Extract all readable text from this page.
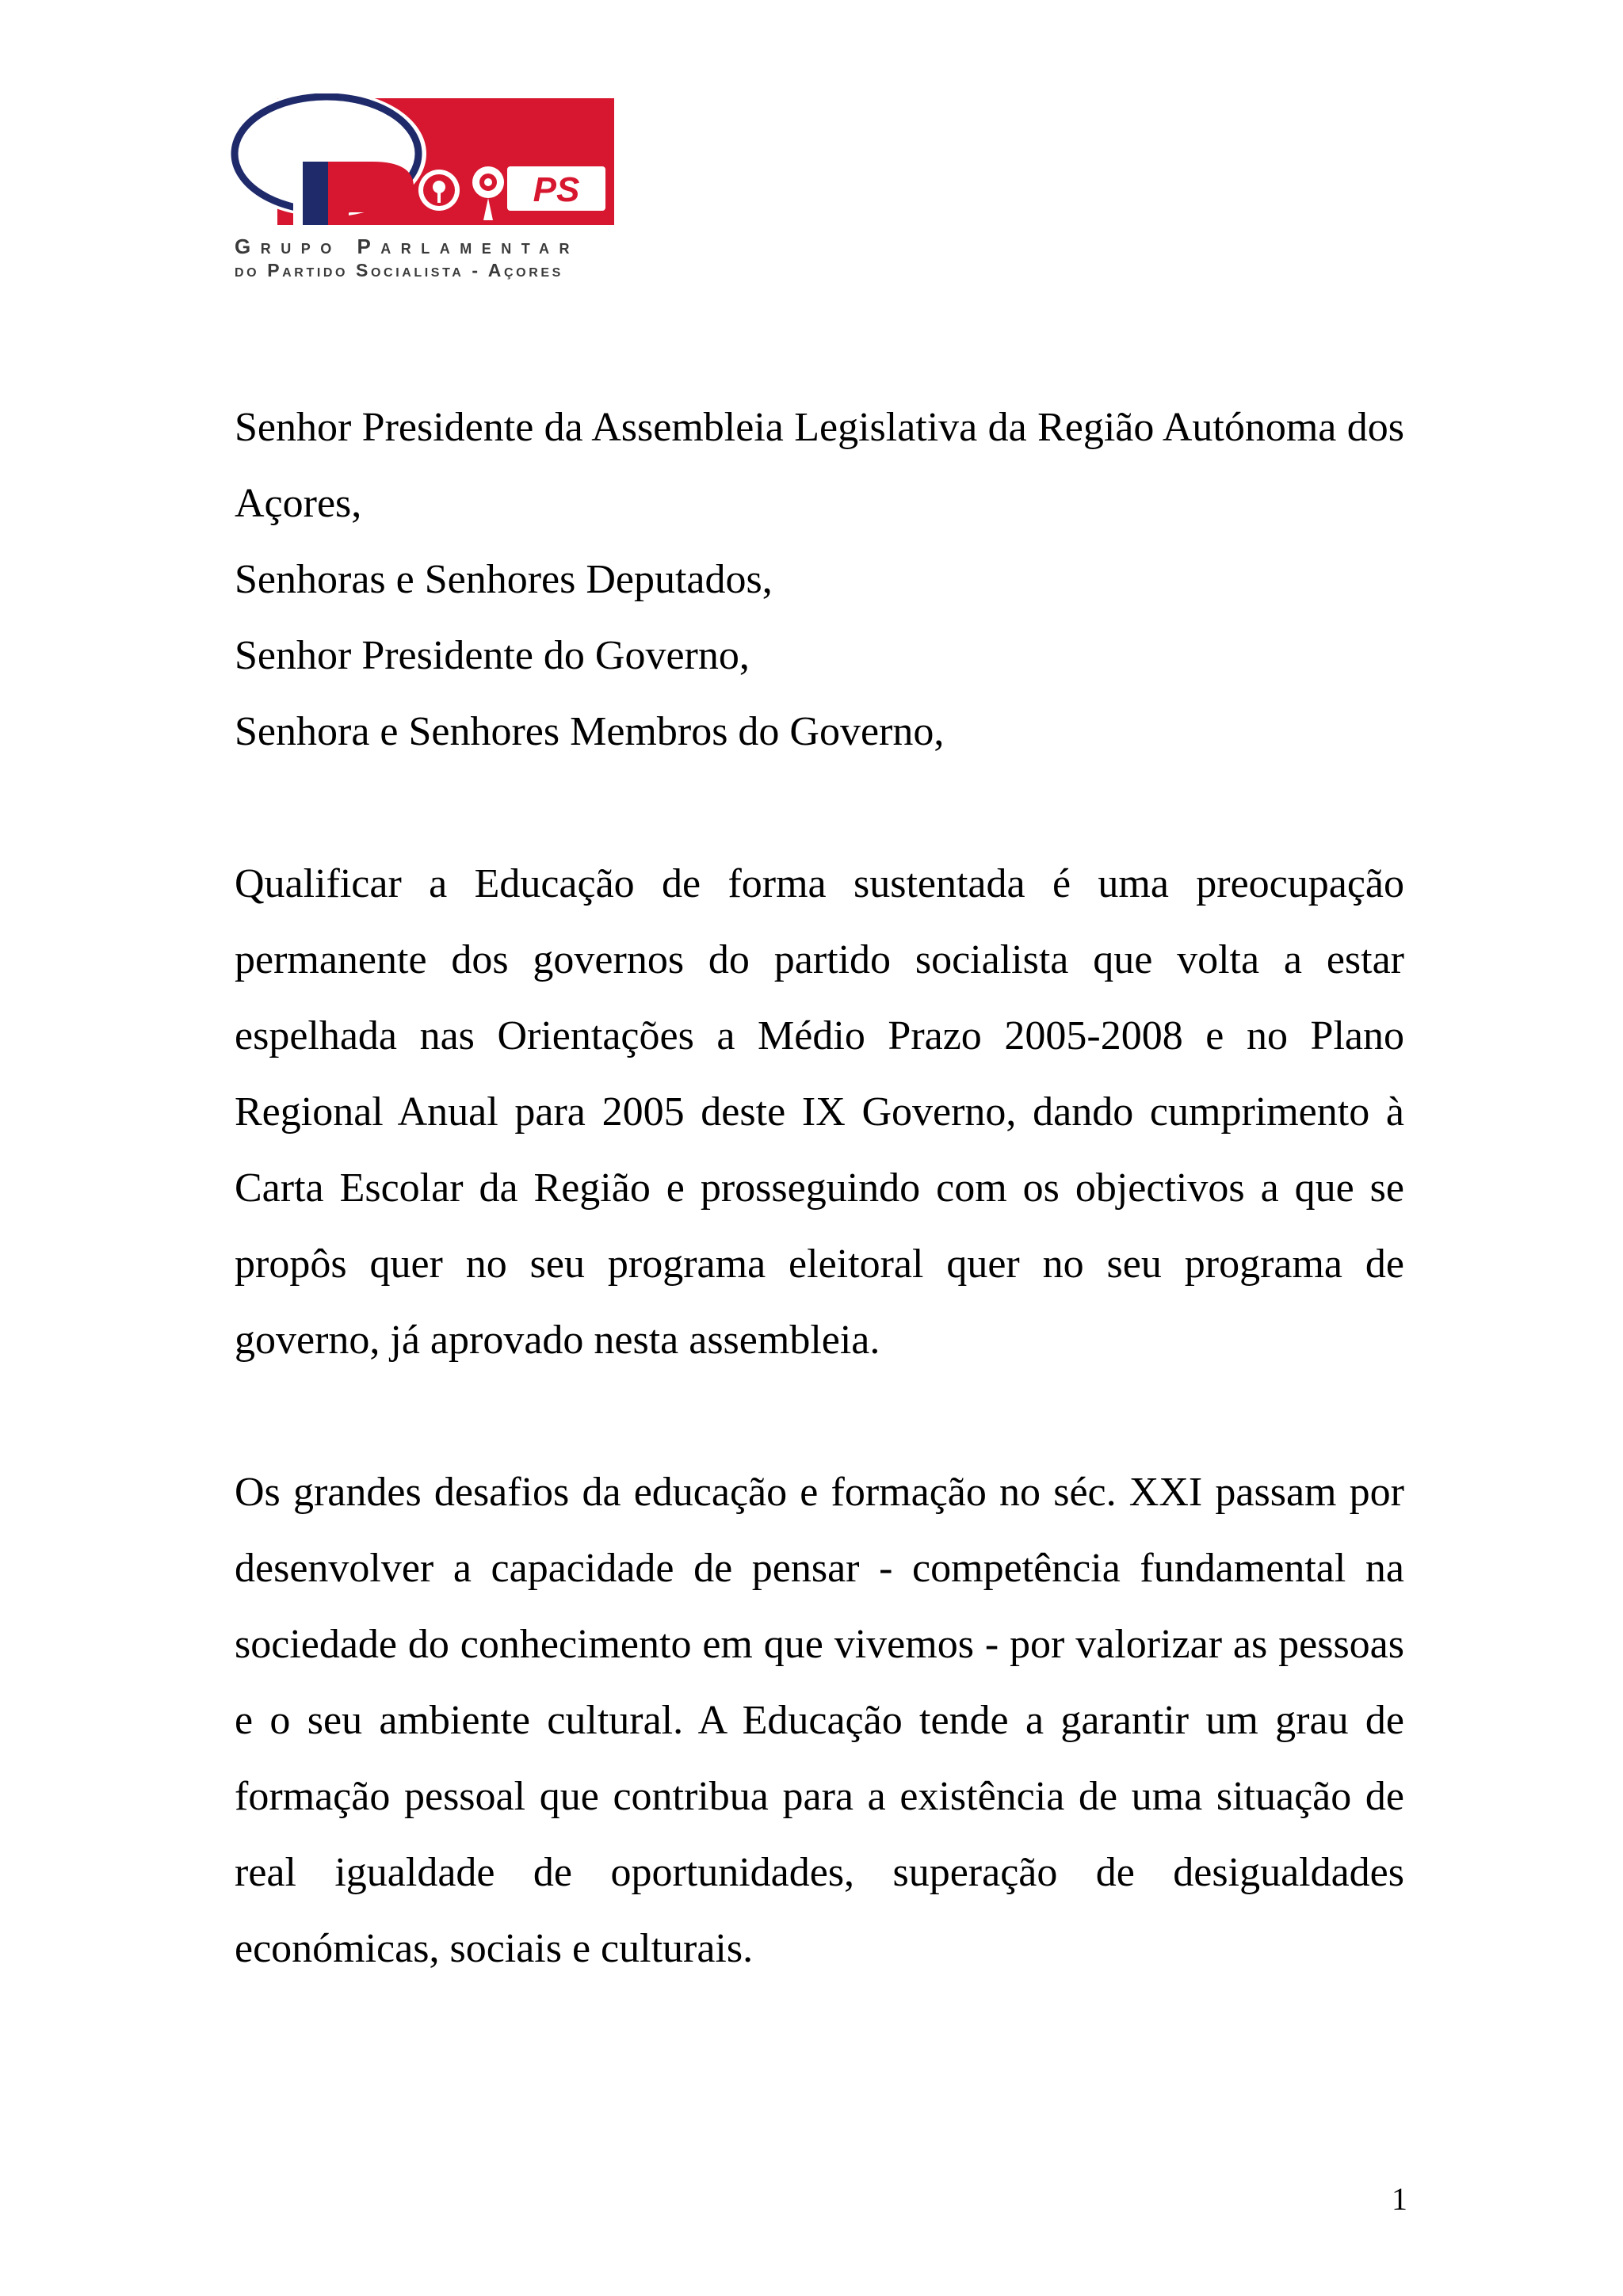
PS
Grupo Parlamentar
do Partido Socialista - Açores

Senhor Presidente da Assembleia Legislativa da Região Autónoma dos Açores,

Senhoras e Senhores Deputados,

Senhor Presidente do Governo,

Senhora e Senhores Membros do Governo,

Qualificar a Educação de forma sustentada é uma preocupação permanente dos governos do partido socialista que volta a estar espelhada nas Orientações a Médio Prazo 2005-2008 e no Plano Regional Anual para 2005 deste IX Governo, dando cumprimento à Carta Escolar da Região e prosseguindo com os objectivos a que se propôs quer no seu programa eleitoral quer no seu programa de governo, já aprovado nesta assembleia.

Os grandes desafios da educação e formação no séc. XXI passam por desenvolver a capacidade de pensar - competência fundamental na sociedade do conhecimento em que vivemos - por valorizar as pessoas e o seu ambiente cultural. A Educação tende a garantir um grau de formação pessoal que contribua para a existência de uma situação de real igualdade de oportunidades, superação de desigualdades económicas, sociais e culturais.

1
